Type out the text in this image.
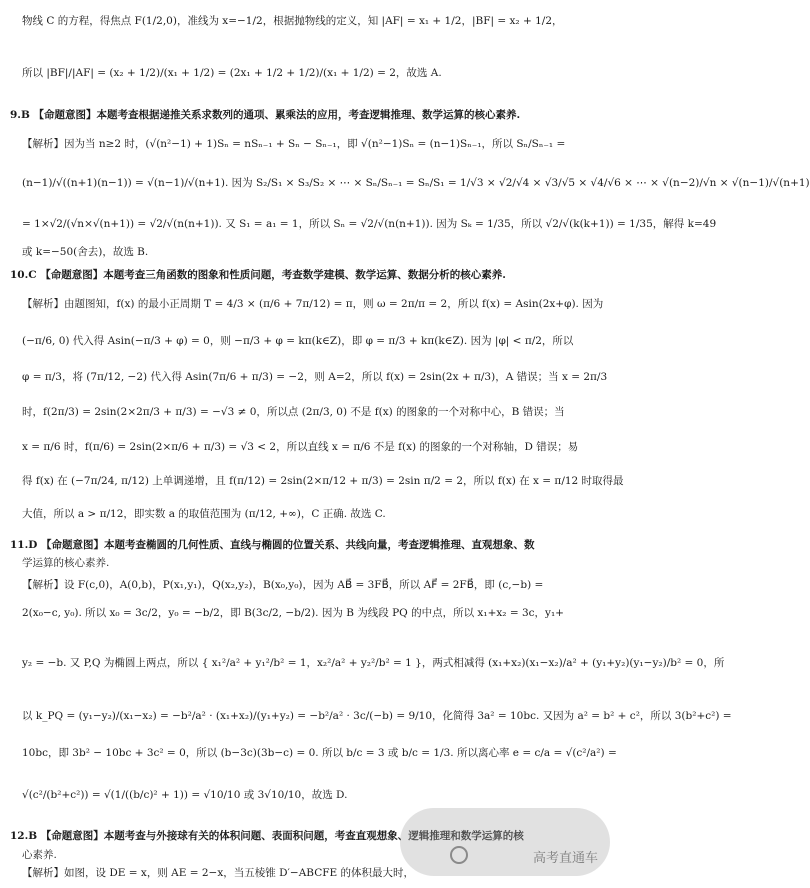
物线 C 的方程，得焦点 F(1/2,0)，准线为 x=−1/2，根据抛物线的定义，知 |AF| = x₁ + 1/2，|BF| = x₂ + 1/2，
所以 |BF|/|AF| = (x₂ + 1/2)/(x₁ + 1/2) = (2x₁ + 1/2 + 1/2)/(x₁ + 1/2) = 2，故选 A.
9.B 【命题意图】本题考查根据递推关系求数列的通项、累乘法的应用，考查逻辑推理、数学运算的核心素养.
【解析】因为当 n≥2 时，(√(n²−1) + 1)Sₙ = nSₙ₋₁ + Sₙ − Sₙ₋₁，即 √(n²−1)Sₙ = (n−1)Sₙ₋₁，所以 Sₙ/Sₙ₋₁ =
(n−1)/√((n+1)(n−1)) = √(n−1)/√(n+1). 因为 S₂/S₁ × S₃/S₂ × ⋯ × Sₙ/Sₙ₋₁ = Sₙ/S₁ = 1/√3 × √2/√4 × √3/√5 × √4/√6 × ⋯ × √(n−2)/√n × √(n−1)/√(n+1)
= 1×√2/(√n×√(n+1)) = √2/√(n(n+1)). 又 S₁ = a₁ = 1，所以 Sₙ = √2/√(n(n+1)). 因为 Sₖ = 1/35，所以 √2/√(k(k+1)) = 1/35，解得 k=49
或 k=−50(舍去)，故选 B.
10.C 【命题意图】本题考查三角函数的图象和性质问题，考查数学建模、数学运算、数据分析的核心素养.
【解析】由题图知，f(x) 的最小正周期 T = 4/3 × (π/6 + 7π/12) = π，则 ω = 2π/π = 2，所以 f(x) = Asin(2x+φ). 因为
(−π/6, 0) 代入得 Asin(−π/3 + φ) = 0，则 −π/3 + φ = kπ(k∈Z)，即 φ = π/3 + kπ(k∈Z). 因为 |φ| < π/2，所以
φ = π/3，将 (7π/12, −2) 代入得 Asin(7π/6 + π/3) = −2，则 A=2，所以 f(x) = 2sin(2x + π/3)，A 错误；当 x = 2π/3
时，f(2π/3) = 2sin(2×2π/3 + π/3) = −√3 ≠ 0，所以点 (2π/3, 0) 不是 f(x) 的图象的一个对称中心，B 错误；当
x = π/6 时，f(π/6) = 2sin(2×π/6 + π/3) = √3 < 2，所以直线 x = π/6 不是 f(x) 的图象的一个对称轴，D 错误；易
得 f(x) 在 (−7π/24, π/12) 上单调递增，且 f(π/12) = 2sin(2×π/12 + π/3) = 2sin π/2 = 2，所以 f(x) 在 x = π/12 时取得最
大值，所以 a > π/12，即实数 a 的取值范围为 (π/12, +∞)，C 正确. 故选 C.
11.D 【命题意图】本题考查椭圆的几何性质、直线与椭圆的位置关系、共线向量，考查逻辑推理、直观想象、数
学运算的核心素养.
【解析】设 F(c,0)，A(0,b)，P(x₁,y₁)，Q(x₂,y₂)，B(x₀,y₀)，因为 AB⃗ = 3FB⃗，所以 AF⃗ = 2FB⃗，即 (c,−b) =
2(x₀−c, y₀). 所以 x₀ = 3c/2，y₀ = −b/2，即 B(3c/2, −b/2). 因为 B 为线段 PQ 的中点，所以 x₁+x₂ = 3c，y₁+
y₂ = −b. 又 P,Q 为椭圆上两点，所以 { x₁²/a² + y₁²/b² = 1，x₂²/a² + y₂²/b² = 1 }，两式相减得 (x₁+x₂)(x₁−x₂)/a² + (y₁+y₂)(y₁−y₂)/b² = 0，所
以 k_PQ = (y₁−y₂)/(x₁−x₂) = −b²/a² · (x₁+x₂)/(y₁+y₂) = −b²/a² · 3c/(−b) = 9/10，化简得 3a² = 10bc. 又因为 a² = b² + c²，所以 3(b²+c²) =
10bc，即 3b² − 10bc + 3c² = 0，所以 (b−3c)(3b−c) = 0. 所以 b/c = 3 或 b/c = 1/3. 所以离心率 e = c/a = √(c²/a²) =
√(c²/(b²+c²)) = √(1/((b/c)² + 1)) = √10/10 或 3√10/10，故选 D.
12.B 【命题意图】本题考查与外接球有关的体积问题、表面积问题，考查直观想象、逻辑推理和数学运算的核
心素养.
【解析】如图，设 DE = x，则 AE = 2−x，当五棱锥 D′−ABCFE 的体积最大时，
高考直通车
